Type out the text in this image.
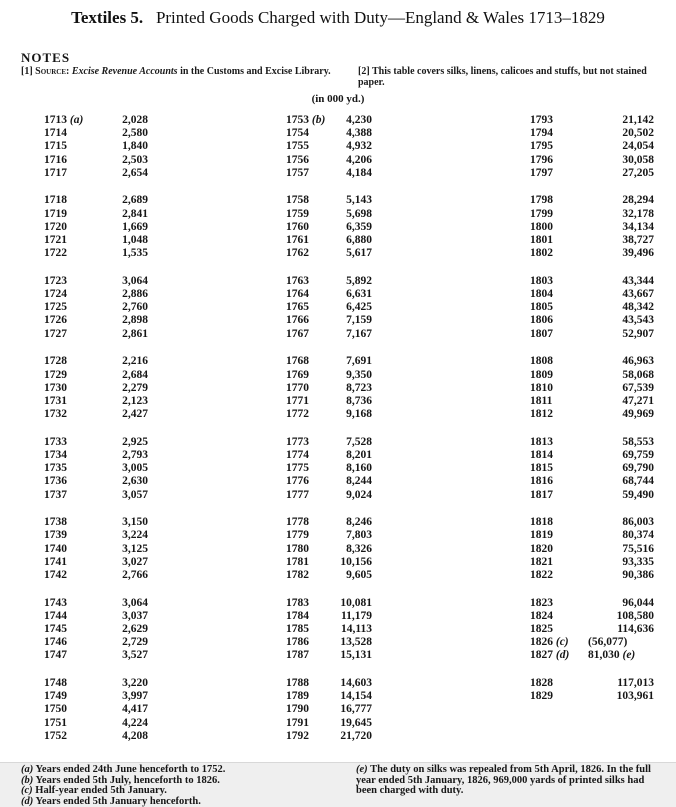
Textiles 5. Printed Goods Charged with Duty—England & Wales 1713–1829
NOTES
[1] Source: Excise Revenue Accounts in the Customs and Excise Library.	[2] This table covers silks, linens, calicoes and stuffs, but not stained paper.
(in 000 yd.)
1713 (a)	2,028
1714	2,580
1715	1,840
1716	2,503
1717	2,654
1718	2,689
1719	2,841
1720	1,669
1721	1,048
1722	1,535
1723	3,064
1724	2,886
1725	2,760
1726	2,898
1727	2,861
1728	2,216
1729	2,684
1730	2,279
1731	2,123
1732	2,427
1733	2,925
1734	2,793
1735	3,005
1736	2,630
1737	3,057
1738	3,150
1739	3,224
1740	3,125
1741	3,027
1742	2,766
1743	3,064
1744	3,037
1745	2,629
1746	2,729
1747	3,527
1748	3,220
1749	3,997
1750	4,417
1751	4,224
1752	4,208
1753 (b) 4,230
1754	4,388
1755	4,932
1756	4,206
1757	4,184
1758	5,143
1759	5,698
1760	6,359
1761	6,880
1762	5,617
1763	5,892
1764	6,631
1765	6,425
1766	7,159
1767	7,167
1768	7,691
1769	9,350
1770	8,723
1771	8,736
1772	9,168
1773	7,528
1774	8,201
1775	8,160
1776	8,244
1777	9,024
1778	8,246
1779	7,803
1780	8,326
1781	10,156
1782	9,605
1783	10,081
1784	11,179
1785	14,113
1786	13,528
1787	15,131
1788	14,603
1789	14,154
1790	16,777
1791	19,645
1792	21,720
1793	21,142
1794	20,502
1795	24,054
1796	30,058
1797	27,205
1798	28,294
1799	32,178
1800	34,134
1801	38,727
1802	39,496
1803	43,344
1804	43,667
1805	48,342
1806	43,543
1807	52,907
1808	46,963
1809	58,068
1810	67,539
1811	47,271
1812	49,969
1813	58,553
1814	69,759
1815	69,790
1816	68,744
1817	59,490
1818	86,003
1819	80,374
1820	75,516
1821	93,335
1822	90,386
1823	96,044
1824	108,580
1825	114,636
1826 (c) (56,077)
1827 (d) 81,030 (e)
1828	117,013
1829	103,961
(a) Years ended 24th June henceforth to 1752.
(b) Years ended 5th July, henceforth to 1826.
(c) Half-year ended 5th January.
(d) Years ended 5th January henceforth.
(e) The duty on silks was repealed from 5th April, 1826. In the full year ended 5th January, 1826, 969,000 yards of printed silks had been charged with duty.
